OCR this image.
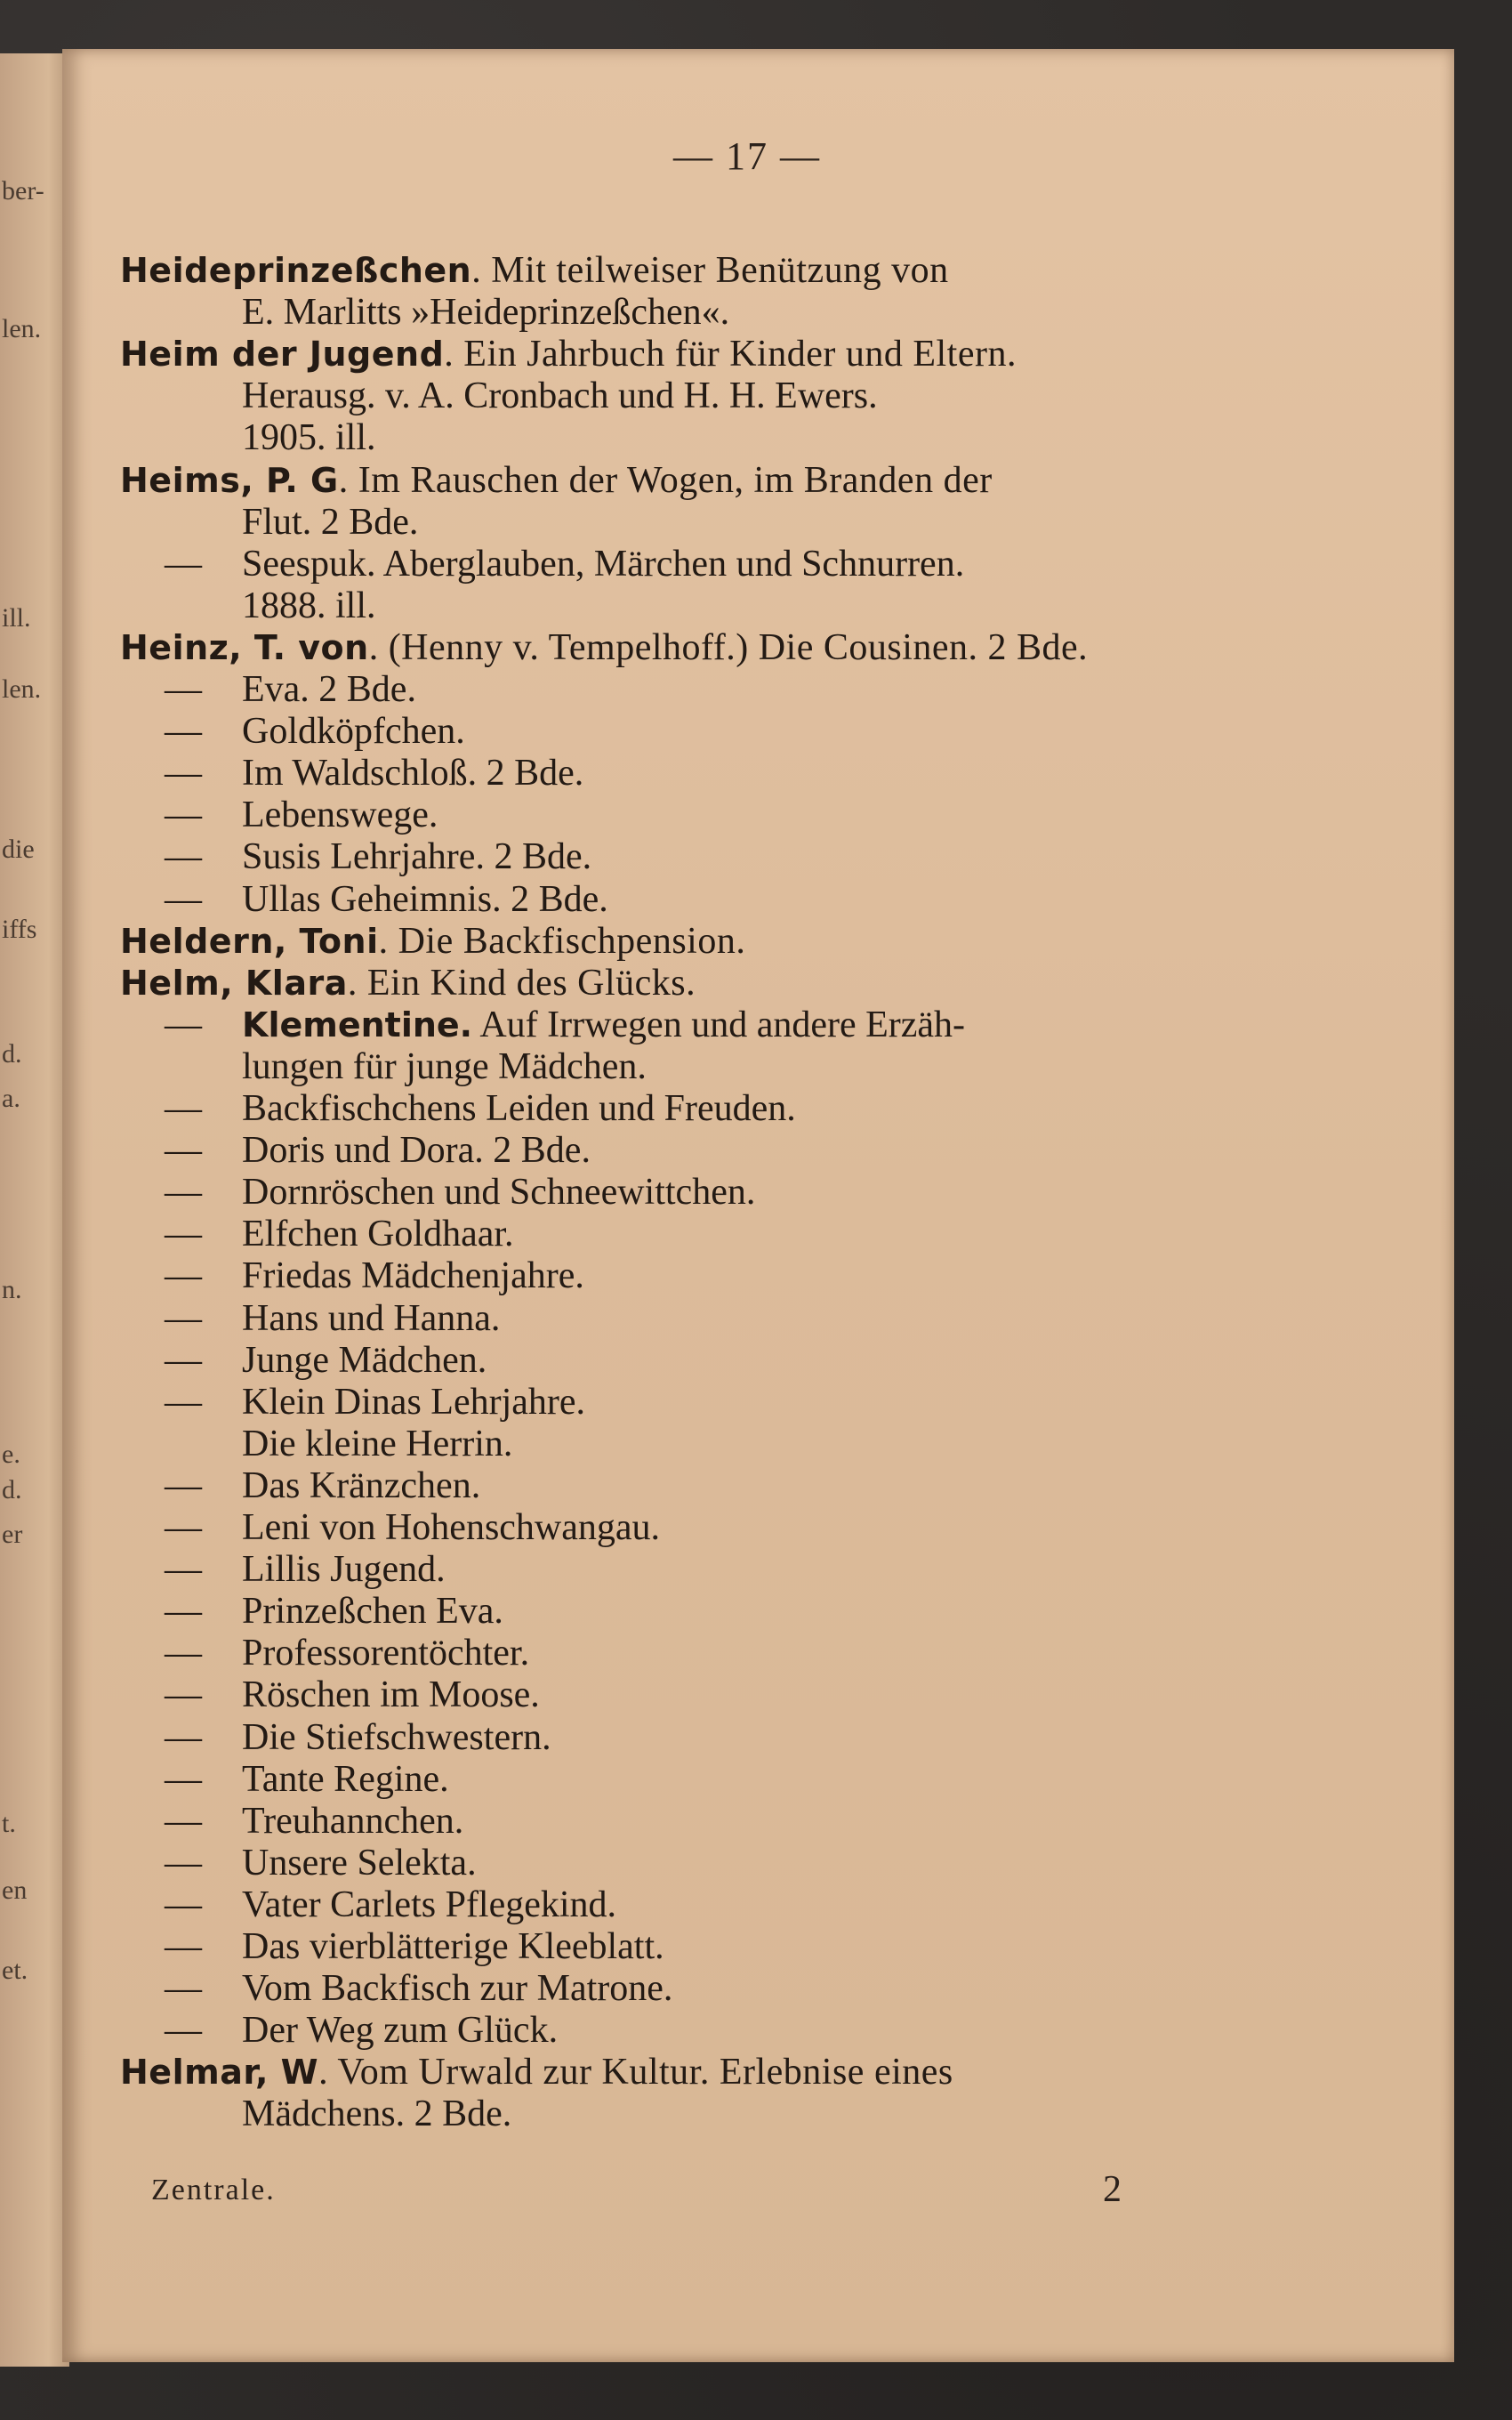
ber-
len.
ill.
len.
die
iffs
d.
a.
n.
e.
d.
er
t.
en
et.
— 17 —
Heideprinzeßchen. Mit teilweiser Benützung von
E. Marlitts »Heideprinzeßchen«.
Heim der Jugend. Ein Jahrbuch für Kinder und Eltern.
Herausg. v. A. Cronbach und H. H. Ewers.
1905. ill.
Heims, P. G. Im Rauschen der Wogen, im Branden der
Flut. 2 Bde.
— Seespuk. Aberglauben, Märchen und Schnurren.
1888. ill.
Heinz, T. von. (Henny v. Tempelhoff.) Die Cousinen. 2 Bde.
— Eva. 2 Bde.
— Goldköpfchen.
— Im Waldschloß. 2 Bde.
— Lebenswege.
— Susis Lehrjahre. 2 Bde.
— Ullas Geheimnis. 2 Bde.
Heldern, Toni. Die Backfischpension.
Helm, Klara. Ein Kind des Glücks.
— Klementine. Auf Irrwegen und andere Erzäh-
lungen für junge Mädchen.
— Backfischchens Leiden und Freuden.
— Doris und Dora. 2 Bde.
— Dornröschen und Schneewittchen.
— Elfchen Goldhaar.
— Friedas Mädchenjahre.
— Hans und Hanna.
— Junge Mädchen.
— Klein Dinas Lehrjahre.
Die kleine Herrin.
— Das Kränzchen.
— Leni von Hohenschwangau.
— Lillis Jugend.
— Prinzeßchen Eva.
— Professorentöchter.
— Röschen im Moose.
— Die Stiefschwestern.
— Tante Regine.
— Treuhannchen.
— Unsere Selekta.
— Vater Carlets Pflegekind.
— Das vierblätterige Kleeblatt.
— Vom Backfisch zur Matrone.
— Der Weg zum Glück.
Helmar, W. Vom Urwald zur Kultur. Erlebnise eines
Mädchens. 2 Bde.
Zentrale.	2
